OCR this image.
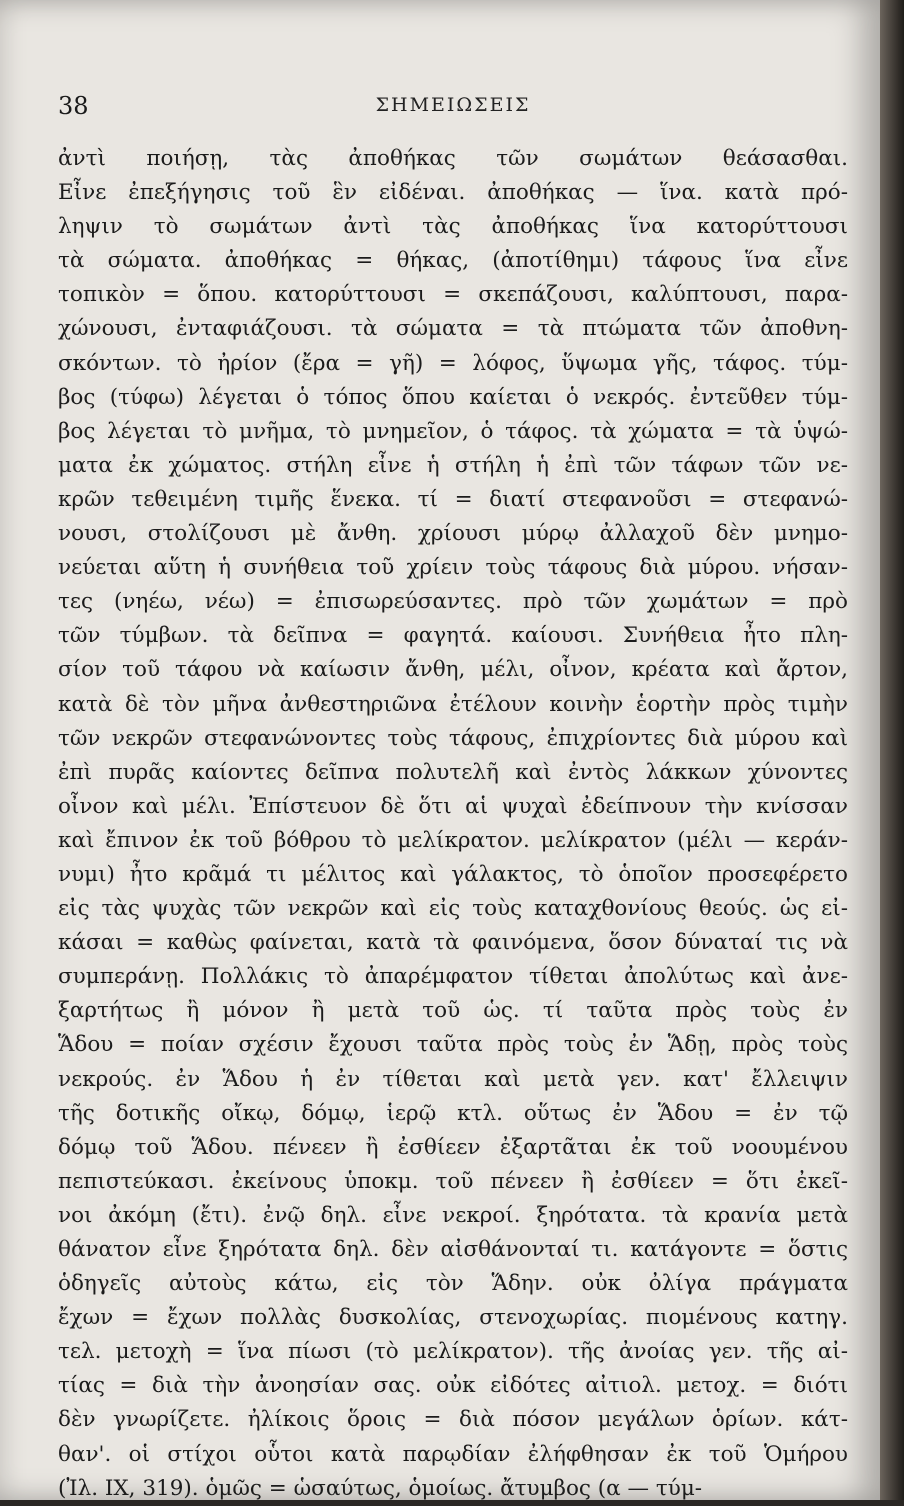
38	ΣΗΜΕΙΩΣΕΙΣ
ἀντὶ ποιήσῃ, τὰς ἀποθήκας τῶν σωμάτων θεάσασθαι.
Εἶνε ἐπεξήγησις τοῦ ἓν εἰδέναι. ἀποθήκας — ἵνα. κατὰ πρό-
ληψιν τὸ σωμάτων ἀντὶ τὰς ἀποθήκας ἵνα κατορύττουσι
τὰ σώματα. ἀποθήκας = θήκας, (ἀποτίθημι) τάφους ἵνα εἶνε
τοπικὸν = ὅπου. κατορύττουσι = σκεπάζουσι, καλύπτουσι, παρα-
χώνουσι, ἐνταφιάζουσι. τὰ σώματα = τὰ πτώματα τῶν ἀποθνη-
σκόντων. τὸ ἠρίον (ἔρα = γῆ) = λόφος, ὕψωμα γῆς, τάφος. τύμ-
βος (τύφω) λέγεται ὁ τόπος ὅπου καίεται ὁ νεκρός. ἐντεῦθεν τύμ-
βος λέγεται τὸ μνῆμα, τὸ μνημεῖον, ὁ τάφος. τὰ χώματα = τὰ ὑψώ-
ματα ἐκ χώματος. στήλη εἶνε ἡ στήλη ἡ ἐπὶ τῶν τάφων τῶν νε-
κρῶν τεθειμένη τιμῆς ἕνεκα. τί = διατί στεφανοῦσι = στεφανώ-
νουσι, στολίζουσι μὲ ἄνθη. χρίουσι μύρῳ ἀλλαχοῦ δὲν μνημο-
νεύεται αὕτη ἡ συνήθεια τοῦ χρίειν τοὺς τάφους διὰ μύρου. νήσαν-
τες (νηέω, νέω) = ἐπισωρεύσαντες. πρὸ τῶν χωμάτων = πρὸ
τῶν τύμβων. τὰ δεῖπνα = φαγητά. καίουσι. Συνήθεια ἦτο πλη-
σίον τοῦ τάφου νὰ καίωσιν ἄνθη, μέλι, οἶνον, κρέατα καὶ ἄρτον,
κατὰ δὲ τὸν μῆνα ἀνθεστηριῶνα ἐτέλουν κοινὴν ἑορτὴν πρὸς τιμὴν
τῶν νεκρῶν στεφανώνοντες τοὺς τάφους, ἐπιχρίοντες διὰ μύρου καὶ
ἐπὶ πυρᾶς καίοντες δεῖπνα πολυτελῆ καὶ ἐντὸς λάκκων χύνοντες
οἶνον καὶ μέλι. Ἐπίστευον δὲ ὅτι αἱ ψυχαὶ ἐδείπνουν τὴν κνίσσαν
καὶ ἔπινον ἐκ τοῦ βόθρου τὸ μελίκρατον. μελίκρατον (μέλι — κεράν-
νυμι) ἦτο κρᾶμά τι μέλιτος καὶ γάλακτος, τὸ ὁποῖον προσεφέρετο
εἰς τὰς ψυχὰς τῶν νεκρῶν καὶ εἰς τοὺς καταχθονίους θεούς. ὡς εἰ-
κάσαι = καθὼς φαίνεται, κατὰ τὰ φαινόμενα, ὅσον δύναταί τις νὰ
συμπεράνῃ. Πολλάκις τὸ ἀπαρέμφατον τίθεται ἀπολύτως καὶ ἀνε-
ξαρτήτως ἢ μόνον ἢ μετὰ τοῦ ὡς. τί ταῦτα πρὸς τοὺς ἐν
Ἅδου = ποίαν σχέσιν ἔχουσι ταῦτα πρὸς τοὺς ἐν Ἅδῃ, πρὸς τοὺς
νεκρούς. ἐν Ἅδου ἡ ἐν τίθεται καὶ μετὰ γεν. κατ' ἔλλειψιν
τῆς δοτικῆς οἴκῳ, δόμῳ, ἱερῷ κτλ. οὕτως ἐν Ἅδου = ἐν τῷ
δόμῳ τοῦ Ἅδου. πένεεν ἢ ἐσθίεεν ἐξαρτᾶται ἐκ τοῦ νοουμένου
πεπιστεύκασι. ἐκείνους ὑποκμ. τοῦ πένεεν ἢ ἐσθίεεν = ὅτι ἐκεῖ-
νοι ἀκόμη (ἔτι). ἐνῷ δηλ. εἶνε νεκροί. ξηρότατα. τὰ κρανία μετὰ
θάνατον εἶνε ξηρότατα δηλ. δὲν αἰσθάνονταί τι. κατάγοντε = ὅστις
ὁδηγεῖς αὐτοὺς κάτω, εἰς τὸν Ἅδην. οὐκ ὀλίγα πράγματα
ἔχων = ἔχων πολλὰς δυσκολίας, στενοχωρίας. πιομένους κατηγ.
τελ. μετοχὴ = ἵνα πίωσι (τὸ μελίκρατον). τῆς ἀνοίας γεν. τῆς αἰ-
τίας = διὰ τὴν ἀνοησίαν σας. οὐκ εἰδότες αἰτιολ. μετοχ. = διότι
δὲν γνωρίζετε. ἠλίκοις ὅροις = διὰ πόσον μεγάλων ὁρίων. κάτ-
θαν'. οἱ στίχοι οὗτοι κατὰ παρῳδίαν ἐλήφθησαν ἐκ τοῦ Ὁμήρου
(Ἰλ. IX, 319). ὁμῶς = ὡσαύτως, ὁμοίως. ἄτυμβος (α — τύμ-
